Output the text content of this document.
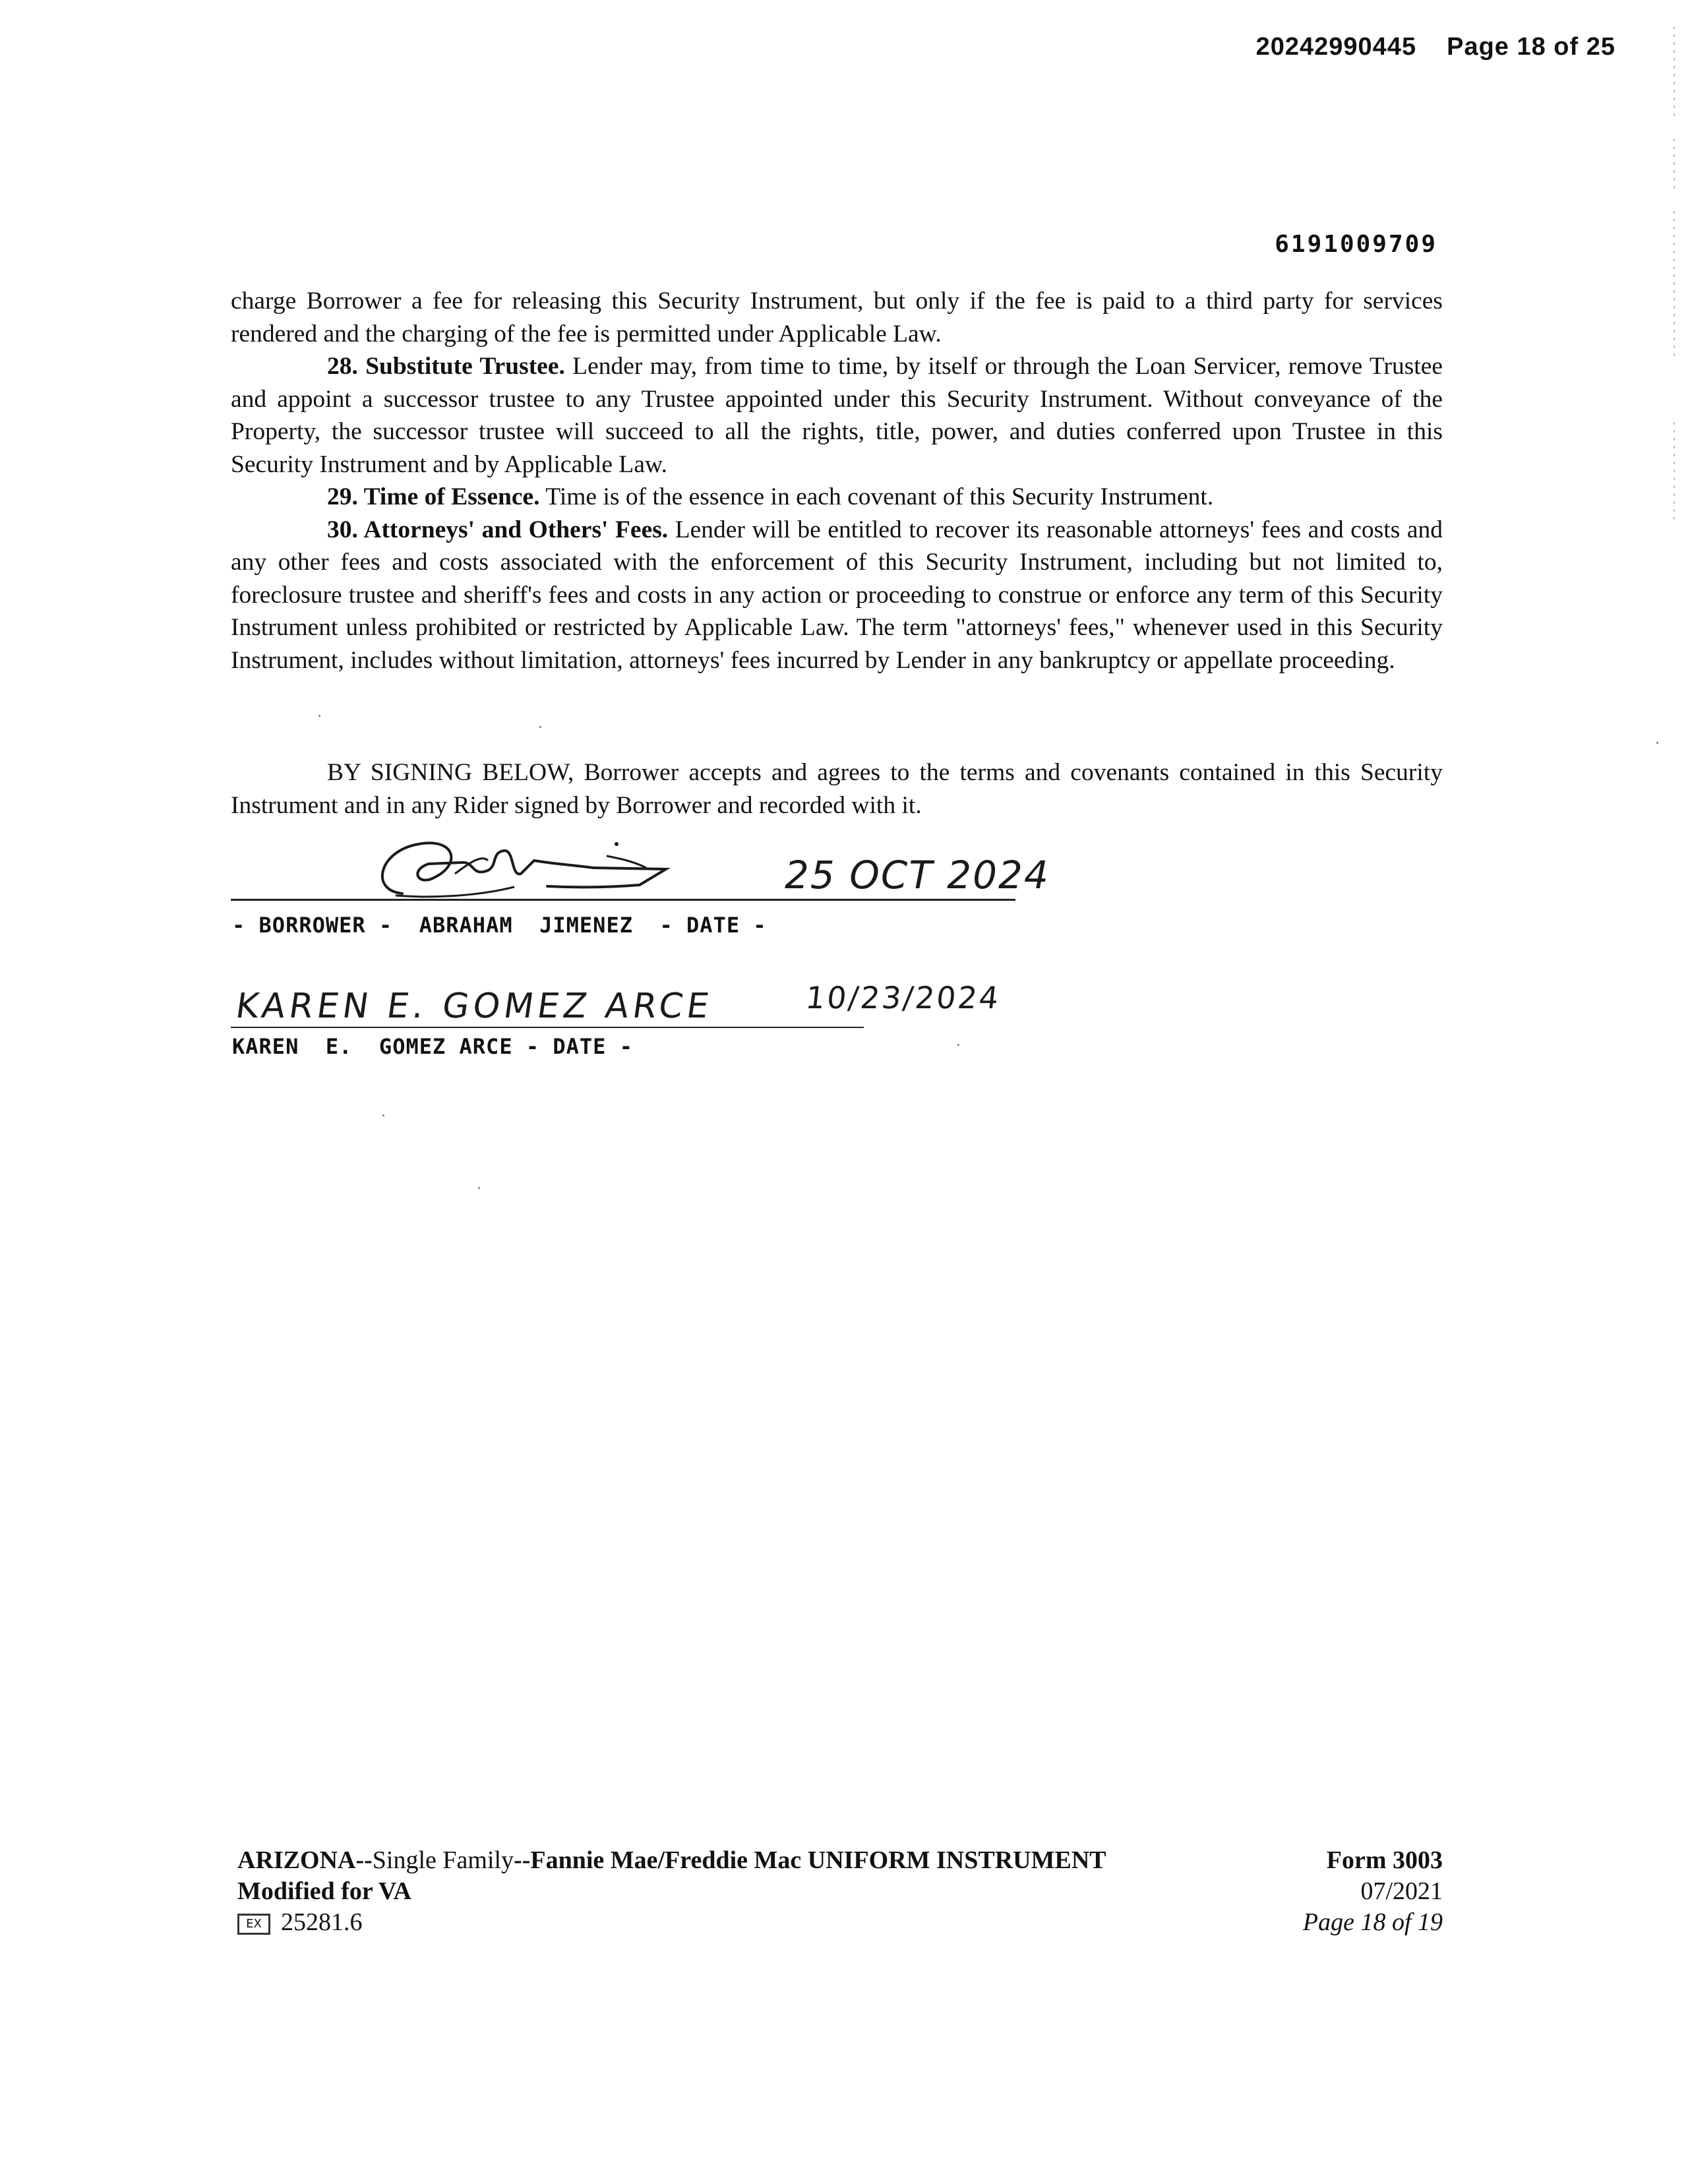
20242990445 Page 18 of 25
6191009709

charge Borrower a fee for releasing this Security Instrument, but only if the fee is paid to a third party for services rendered and the charging of the fee is permitted under Applicable Law.

28. Substitute Trustee. Lender may, from time to time, by itself or through the Loan Servicer, remove Trustee and appoint a successor trustee to any Trustee appointed under this Security Instrument. Without conveyance of the Property, the successor trustee will succeed to all the rights, title, power, and duties conferred upon Trustee in this Security Instrument and by Applicable Law.

29. Time of Essence. Time is of the essence in each covenant of this Security Instrument.

30. Attorneys' and Others' Fees. Lender will be entitled to recover its reasonable attorneys' fees and costs and any other fees and costs associated with the enforcement of this Security Instrument, including but not limited to, foreclosure trustee and sheriff's fees and costs in any action or proceeding to construe or enforce any term of this Security Instrument unless prohibited or restricted by Applicable Law. The term "attorneys' fees," whenever used in this Security Instrument, includes without limitation, attorneys' fees incurred by Lender in any bankruptcy or appellate proceeding.

BY SIGNING BELOW, Borrower accepts and agrees to the terms and covenants contained in this Security Instrument and in any Rider signed by Borrower and recorded with it.

25 OCT 2024
- BORROWER -  ABRAHAM  JIMENEZ  - DATE -
KAREN E. GOMEZ ARCE	10/23/2024
KAREN  E.  GOMEZ ARCE - DATE -
ARIZONA--Single Family--Fannie Mae/Freddie Mac UNIFORM INSTRUMENT
Modified for VA
EX 25281.6
Form 3003
07/2021
Page 18 of 19
